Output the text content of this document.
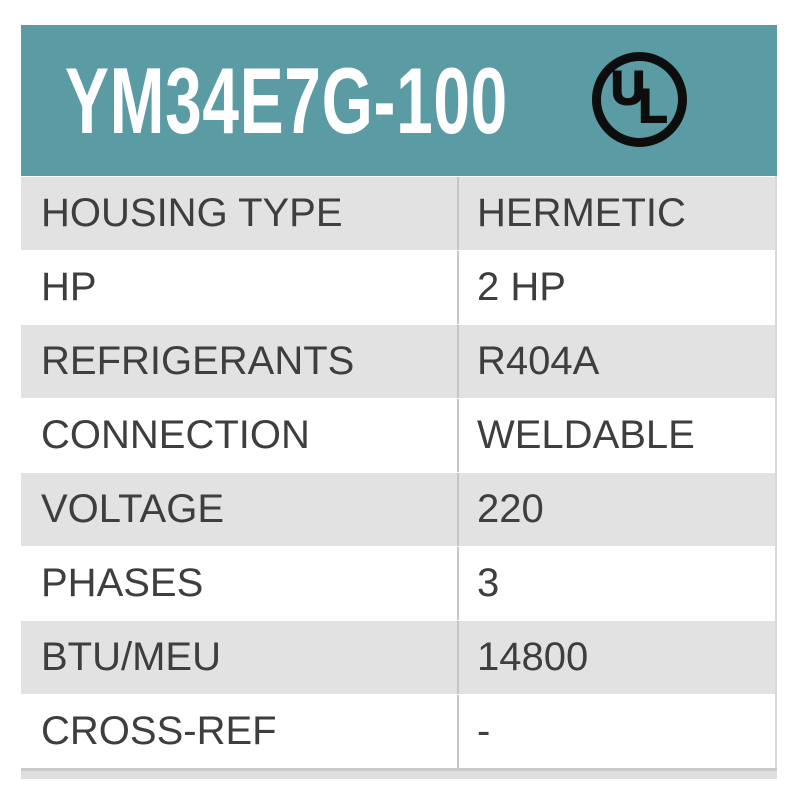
YM34E7G-100 U
L
HOUSING TYPE	HERMETIC
HP	2 HP
REFRIGERANTS	R404A
CONNECTION	WELDABLE
VOLTAGE	220
PHASES	3
BTU/MEU	14800
CROSS-REF	-
